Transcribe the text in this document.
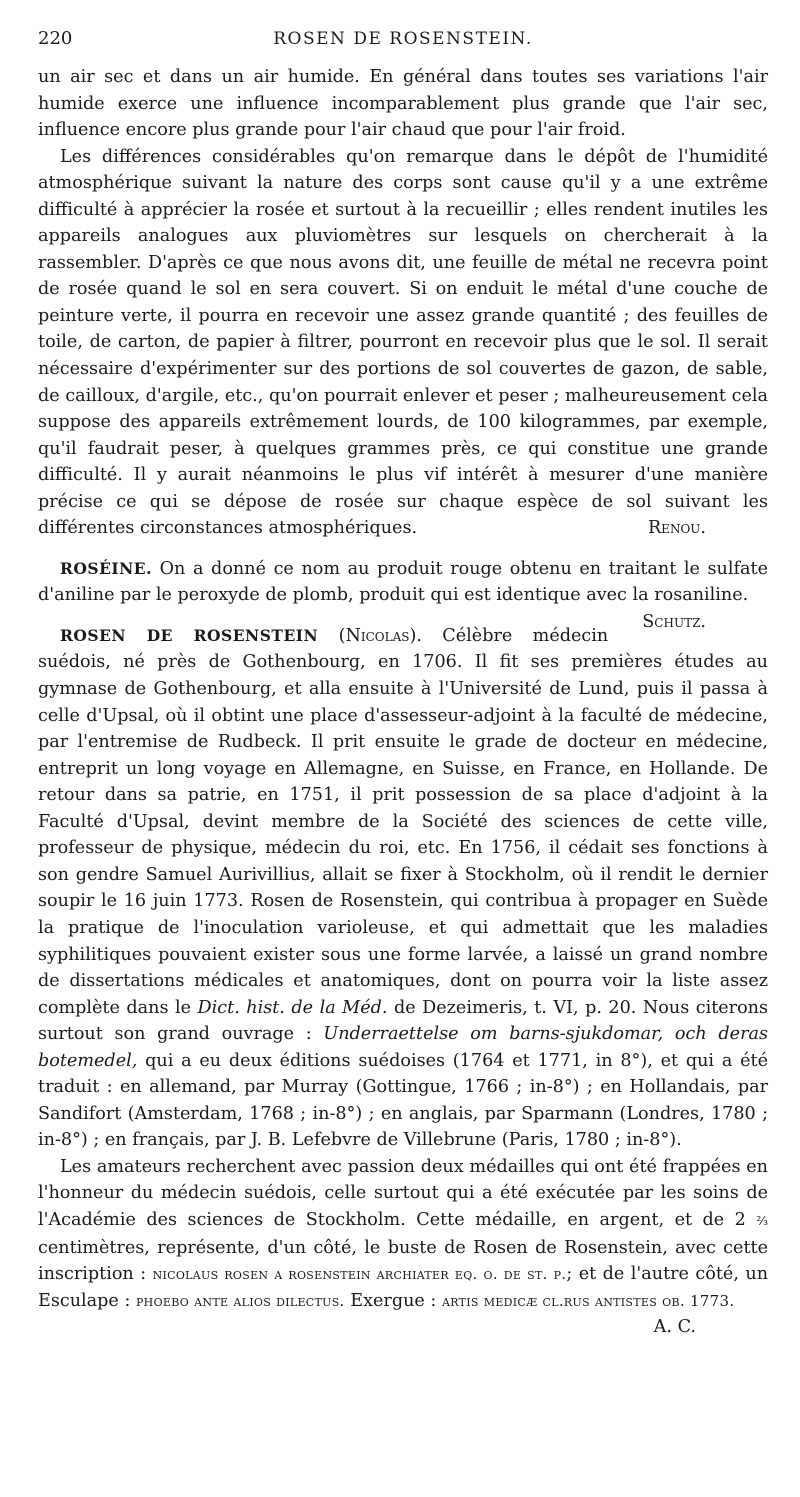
220	ROSEN DE ROSENSTEIN.

un air sec et dans un air humide. En général dans toutes ses variations l'air humide exerce une influence incomparablement plus grande que l'air sec, influence encore plus grande pour l'air chaud que pour l'air froid.

Les différences considérables qu'on remarque dans le dépôt de l'humidité atmosphérique suivant la nature des corps sont cause qu'il y a une extrême difficulté à apprécier la rosée et surtout à la recueillir ; elles rendent inutiles les appareils analogues aux pluviomètres sur lesquels on chercherait à la rassembler. D'après ce que nous avons dit, une feuille de métal ne recevra point de rosée quand le sol en sera couvert. Si on enduit le métal d'une couche de peinture verte, il pourra en recevoir une assez grande quantité ; des feuilles de toile, de carton, de papier à filtrer, pourront en recevoir plus que le sol. Il serait nécessaire d'expérimenter sur des portions de sol couvertes de gazon, de sable, de cailloux, d'argile, etc., qu'on pourrait enlever et peser ; malheureusement cela suppose des appareils extrêmement lourds, de 100 kilogrammes, par exemple, qu'il faudrait peser, à quelques grammes près, ce qui constitue une grande difficulté. Il y aurait néanmoins le plus vif intérêt à mesurer d'une manière précise ce qui se dépose de rosée sur chaque espèce de sol suivant les différentes circonstances atmosphériques.	Renou.

ROSÉINE. On a donné ce nom au produit rouge obtenu en traitant le sulfate d'aniline par le peroxyde de plomb, produit qui est identique avec la rosaniline.
Schutz.

ROSEN DE ROSENSTEIN (Nicolas). Célèbre médecin suédois, né près de Gothenbourg, en 1706. Il fit ses premières études au gymnase de Gothenbourg, et alla ensuite à l'Université de Lund, puis il passa à celle d'Upsal, où il obtint une place d'assesseur-adjoint à la faculté de médecine, par l'entremise de Rudbeck. Il prit ensuite le grade de docteur en médecine, entreprit un long voyage en Allemagne, en Suisse, en France, en Hollande. De retour dans sa patrie, en 1751, il prit possession de sa place d'adjoint à la Faculté d'Upsal, devint membre de la Société des sciences de cette ville, professeur de physique, médecin du roi, etc. En 1756, il cédait ses fonctions à son gendre Samuel Aurivillius, allait se fixer à Stockholm, où il rendit le dernier soupir le 16 juin 1773. Rosen de Rosenstein, qui contribua à propager en Suède la pratique de l'inoculation varioleuse, et qui admettait que les maladies syphilitiques pouvaient exister sous une forme larvée, a laissé un grand nombre de dissertations médicales et anatomiques, dont on pourra voir la liste assez complète dans le Dict. hist. de la Méd. de Dezeimeris, t. VI, p. 20. Nous citerons surtout son grand ouvrage : Underraettelse om barns-sjukdomar, och deras botemedel, qui a eu deux éditions suédoises (1764 et 1771, in 8°), et qui a été traduit : en allemand, par Murray (Gottingue, 1766 ; in-8°) ; en Hollandais, par Sandifort (Amsterdam, 1768 ; in-8°) ; en anglais, par Sparmann (Londres, 1780 ; in-8°) ; en français, par J. B. Lefebvre de Villebrune (Paris, 1780 ; in-8°).

Les amateurs recherchent avec passion deux médailles qui ont été frappées en l'honneur du médecin suédois, celle surtout qui a été exécutée par les soins de l'Académie des sciences de Stockholm. Cette médaille, en argent, et de 2 ⅔ centimètres, représente, d'un côté, le buste de Rosen de Rosenstein, avec cette inscription : nicolaus rosen a rosenstein archiater eq. o. de st. p.; et de l'autre côté, un Esculape : phoebo ante alios dilectus. Exergue : artis medicæ cl.rus antistes ob. 1773.
A. C.
